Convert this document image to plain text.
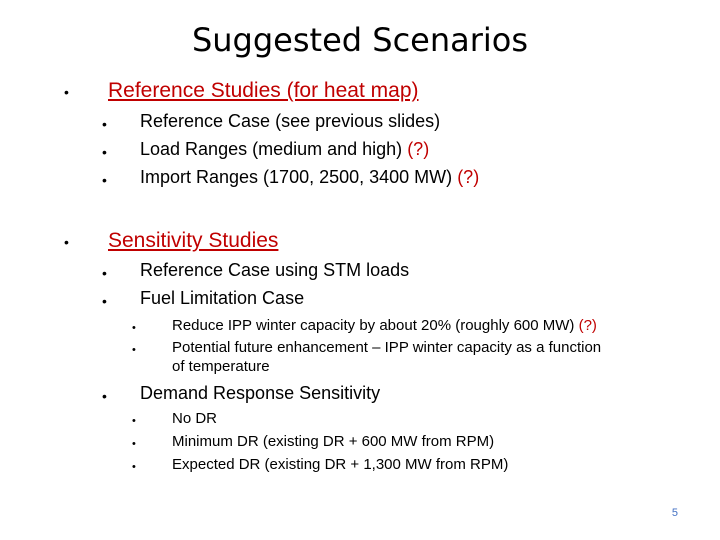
Suggested Scenarios
• Reference Studies (for heat map)
• Reference Case (see previous slides)
• Load Ranges (medium and high) (?)
• Import Ranges (1700, 2500, 3400 MW) (?)
• Sensitivity Studies
• Reference Case using STM loads
• Fuel Limitation Case
• Reduce IPP winter capacity by about 20% (roughly 600 MW) (?)
• Potential future enhancement – IPP winter capacity as a function
of temperature
• Demand Response Sensitivity
• No DR
• Minimum DR (existing DR + 600 MW from RPM)
• Expected DR (existing DR + 1,300 MW from RPM)
5
